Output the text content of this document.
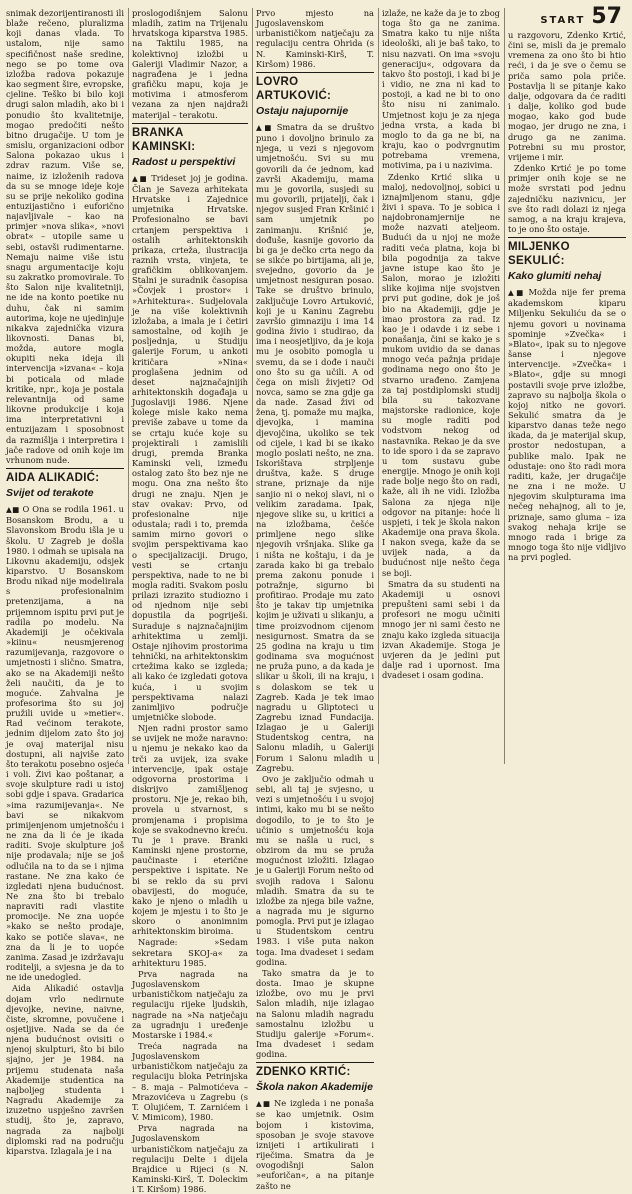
START 57

snimak dezorijentiranosti ili blaže rečeno, pluralizma koji danas vlada. To ustalom, nije samo specifičnost naše sredine, nego se po tome ova izložba radova pokazuje kao segment šire, evropske, cjeline. Teško bi bilo koji drugi salon mladih, ako bi i ponudio što kvalitetnije, mogao predočiti nešto bitno drugačije. U tom je smislu, organizacioni odbor Salona pokazao ukus i zdrav razum. Više se, naime, iz izloženih radova da su se mnoge ideje koje su se prije nekoliko godina entuzijastično i euforično najavljivale – kao na primjer »nova slika«, »novi obrat« – utopile same u sebi, ostavši rudimentarne. Nemaju naime više istu snagu argumentacije koju su zakratko promovirale. To što Salon nije kvalitetniji, ne ide na konto poetike nu duhu, čak ni samim autorima, koje ne ujedinjuje nikakva zajednička vizura likovnosti. Danas bi, možda, autore mogla okupiti neka ideja ili intervencija »izvana« – koja bi poticala od mlade kritike, npr., koja je postala relevantnija od same likovne produkcije i koja ima interpretativni i entuzijazam i sposobnost da razmišlja i interpretira i jače radove od onih koje im vrhunom nude.

AIDA ALIKADIĆ:
Svijet od terakote

▲■ O Ona se rodila 1961. u Bosanskom Brodu, a u Slavonskom Brodu išla je u školu. U Zagreb je došla 1980. i odmah se upisala na Likovnu akademiju, odsjek kiparstvo. U Bosanskom Brodu nikad nije modelirala s profesionalnim pretenzijama, a na prijemnom ispitu prvi put je radila po modelu. Na Akademiji je očekivala »kiinu« neusmjerenog razumijevanja, razgovore o umjetnosti i slično. Smatra, ako se na Akademiji nešto želi naučiti, da je to moguće. Zahvalna je profesorima što su joj pružili uvide u »metier«. Rad većinom terakote, jednim dijelom zato što joj je ovaj materijal nisu dostupni, ali najviše zato što terakotu posebno osjeća i voli. Živi kao poštanar, a svoje skulpture radi u istoj sobi gdje i spava. Gradarica »ima razumijevanja«. Ne bavi se nikakvom primijenjenom umjetnošću i ne zna da li će je ikada raditi. Svoje skulpture još nije prodavala; nije se još odlučila na to da se i njima rastane. Ne zna kako će izgledati njena budućnost. Ne zna što bi trebalo napraviti radi vlastite promocije. Ne zna uopće »kako se nešto prodaje, kako se potiče slava«, ne zna da li je to uopće zanima. Zasad je izdržavaju roditelji, a svjesna je da to ne ide unedogled.

Aida Alikadić ostavlja dojam vrlo nedirnute djevojke, nevine, naivne, čiste, skromne, povučene i osjetljive. Nada se da će njena budućnost ovisiti o njenoj skulpturi, što bi bilo sjajno, jer je 1984. na prijemu studenata naša Akademije studentica na najboljeg studenta i Nagradu Akademije za izuzetno uspješno završen studij, što je, zapravo, nagrada za najbolji diplomski rad na području kiparstva. Izlagala je i na

proslogodišnjem Salonu mladih, zatim na Trijenalu hrvatskoga kiparstva 1985. na Taktilu 1985, na kolektivnoj izložbi u Galeriji Vladimir Nazor, a nagrađena je i jedna grafičku mapu, koja je motivima i atmosferom vezana za njen najdraži materijal – terakotu.

BRANKA KAMINSKI:
Radost u perspektivi

▲■ Trideset joj je godina. Član je Saveza arhitekata Hrvatske i Zajednice umjetnika Hrvatske. Profesionalno se bavi crtanjem perspektiva i ostalih arhitektonskih prikaza, crteža, ilustracija raznih vrsta, vinjeta, te grafičkim oblikovanjem. Stalni je suradnik časopisa »Čovjek i prostor« i »Arhitektura«. Sudjelovala je na više kolektivnih izložaba, a imala je i četiri samostalne, od kojih je posljednja, u Studiju galerije Forum, u ankoti kritičara »Nina« proglašena jednim od deset najznačajnijih arhitektonskih događaja u Jugoslaviji 1986. Njene kolege misle kako nema previše zabave u tome da se crtaju kuće koje su projektirali i zamislili drugi, premda Branka Kaminski veli, između ostalog zato što bez nje ne mogu. Ona zna nešto što drugi ne znaju. Njen je stav ovakav: Prvo, od profesionalne nije odustala; radi i to, premda samim mirno govori o svojim perspektivama kao o specijalizaciji. Drugo, vesti se crtanju perspektiva, nade to ne bi mogla raditi. Svakom poslu prilazi izrazito studiozno i od njednom nije sebi dopustila da pogriješi. Suraduje s najznačajnijim arhitektima u zemlji. Ostaje njihovim prostorima tehnički, na arhitektonskim crtežima kako se izgleda; ali kako će izgledati gotova kuća, i u svojim perspektivama nalazi zanimljivo područje umjetničke slobode.

Njen radni prostor samo se uvijek ne može naravno: u njemu je nekako kao da trči za uvijek, iza svake intervencije, ipak ostaje odgovorna prostorima i diskrijvo zamišljenog prostoru. Nje je, rekao bih, provela u stvarnost, s promjenama i propisima koje se svakodnevno kreću. Tu je i prave. Branki Kaminski njene prostorne, paučinaste i eterične perspektive i ispitate. Ne bi se reklo da su prvi obavijesti, do moguće, kako je njeno o mladih u kojem je mjestu i to što je skoro o anonimnim arhitektonskim biroima.

Nagrade: »Sedam sekretara SKOJ-a« za arhitekturu 1985.

Prva nagrada na Jugoslavenskom urbanističkom natječaju za regulaciju rijeke ljudskih, nagrade na »Na natječaju za ugradnju i uređenje Mostarske i 1984.«

Treća nagrada na Jugoslavenskom urbanističkom natječaju za regulaciju bloka Petrinjska – 8. maja – Palmotićeva – Mrazovićeva u Zagrebu (s T. Olujićem, T. Zarnićem i V. Mimicom), 1980.

Prva nagrada na Jugoslavenskom urbanističkom natječaju za regulaciju Delte i dijela Brajdice u Rijeci (s N. Kaminski-Kirš, T. Doleckim i T. Kiršom) 1986.

Prvo mjesto na Jugoslavenskom urbanističkom natječaju za regulaciju centra Ohrida (s N. Kaminski-Kirš, T. Kiršom) 1986.

LOVRO ARTUKOVIĆ:
Ostaju najupornije

▲■ Smatra da se društvo puno i dovoljno brinulo za njega, u vezi s njegovom umjetnošću. Svi su mu govorili da će jednom, kad završi Akademiju, mama mu je govorila, susjedi su mu govorili, prijatelji, čak i njegov susjed Fran Kršinić i sam umjetnik po zanimanju. Krišnić je, dođuše, kasnije govorio da bi ga je dečko crta nego da se sikće po birtijama, ali je, svejedno, govorio da je umjetnost nesiguran posao. Take se društvo brinulo, zaključuje Lovro Artuković, koji je u Kaninu Zagrebu završio gimnaziju i ima 14 godina živio i studirao, da ima i neosjetljivo, da je koja mu je osobito pomogla u svemu, da se i dođe i nauči ono što su ga učili. A od čega on misli živjeti? Od novca, samo se zna gdje ga da nade. Zasad živi od žena, tj. pomaže mu majka, djevojka, i mamina djevojčina, ukoliko se tek od cijele, i kad bi se ikako moglo poslati nešto, ne zna. Iskorištava strpljenje društva, kaže. S druge strane, priznaje da nije sanjio ni o nekoj slavi, ni o velikim zaradama. Ipak, njegove slike su, u kritici a na izložbama, češće primljene nego slike njegovih vršnjaka. Slike ga i ništa ne koštaju, i da je zarada kako bi ga trebalo prema zakonu ponude i potražnje, sigurno bi profitirao. Prodaje mu zato što je takav tip umjetnika kojim je uživati u slikanju, a time proizvodnom cijenom nesigurnost. Smatra da se 25 godina na kraju u tim godinama sva mogućnost ne pruža puno, a da kada je slikar u školi, ili na kraju, i s dolaskom se tek u Zagreb. Kada je tek imao nagradu u Gliptoteci u Zagrebu iznad Fundacija. Izlagao je u Galeriji Studentskog centra, na Salonu mladih, u Galeriji Forum i Salonu mladih u Zagrebu.

Ovo je zaključio odmah u sebi, ali taj je svjesno, u vezi s umjetnošću i u svojoj intimi, kako mu bi se nešto dogodilo, to je to što je učinio s umjetnošću koja mu se našla u ruci, s obzirom da mu se pruža mogućnost izložiti. Izlagao je u Galeriji Forum nešto od svojih radova i Salonu mladih. Smatra da su te izložbe za njega bile važne, a nagrada mu je sigurno pomogla. Prvi put je izlagao u Studentskom centru 1983. i više puta nakon toga. Ima dvadeset i sedam godina.

Tako smatra da je to dosta. Imao je skupne izložbe, ovo mu je prvi Salon mladih, nije izlagao na Salonu mladih nagradu samostalnu izložbu u Studiju galerije »Forum«. Ima dvadeset i sedam godina.

ZDENKO KRTIĆ:
Škola nakon Akademije

▲■ Ne izgleda i ne ponaša se kao umjetnik. Osim bojom i kistovima, sposoban je svoje stavove iznijeti i artikulirati i riječima. Smatra da je ovogodišnji Salon »euforičan«, a na pitanje zašto ne

izlaže, ne kaže da je to zbog toga što ga ne zanima. Smatra kako tu nije ništa ideološki, ali je baš tako, to nisu nazvati. On ima »svoju generaciju«, odgovara da takvo što postoji, i kad bi je i vidio, ne zna ni kad to postoji, a kad ne bi to ono što nisu ni zanimalo. Umjetnost koju je za njega jedna vrsta, a kada bi moglo to da ga ne bi, na kraju, kao o podvrgnutim potrebama vremena, motivima, pa i u nazivima.

Zdenko Krtić slika u maloj, nedovoljnoj, sobici u iznajmljenom stanu, gdje živi i spava. To je sobica i najdobronamjernije ne može nazvati ateljeom. Budući da u njoj ne može raditi veća platna, koja bi bila pogodnija za takve javne istupe kao što je Salon, morao je izložiti slike kojima nije svojstven prvi put godine, dok je još bio na Akademiji, gdje je imao prostora za rad. Iz kao je i odavde i iz sebe i ponašanja, čini se kako je s mukom uvidio da se danas mnogo veća pažnja pridaje godinama nego ono što je stvarno urađeno. Zamjena za taj postdiplomski studij bila su takozvane majstorske radionice, koje su mogle raditi pod vodstvom nekog od nastavnika. Rekao je da sve to ide sporo i da se zapravo u tom sustavu gube energije. Mnogo je onih koji rade bolje nego što on radi, kaže, ali ih ne vidi. Izložba Salona za njega nije odgovor na pitanje: hoće li uspjeti, i tek je škola nakon Akademije ona prava škola. I nakon svega, kaže da se uvijek nada, a da budućnost nije nešto čega se boji.

Smatra da su studenti na Akademiji u osnovi prepušteni sami sebi i da profesori ne mogu učiniti mnogo jer ni sami često ne znaju kako izgleda situacija izvan Akademije. Stoga je uvjeren da je jedini put dalje rad i upornost. Ima dvadeset i osam godina.

u razgovoru, Zdenko Krtić, čini se, misli da je premalo vremena za ono što bi htio reći, i da je sve o čemu se priča samo pola priče. Postavlja li se pitanje kako dalje, odgovara da će raditi i dalje, koliko god bude mogao, kako god bude mogao, jer drugo ne zna, i drugo ga ne zanima. Potrebni su mu prostor, vrijeme i mir.

Zdenko Krtić je po tome primjer onih koje se ne može svrstati pod jednu zajedničku nazivnicu, jer sve što radi dolazi iz njega samog, a na kraju krajeva, to je ono što ostaje.

MILJENKO SEKULIĆ:
Kako glumiti nehaj

▲■ Možda nije fer prema akademskom kiparu Miljenku Sekuliću da se o njemu govori u novinama spominje »Zvečka« i »Blato«, ipak su to njegove šanse i njegove intervencije. »Zvečka« i »Blato«, gdje su mnogi postavili svoje prve izložbe, zapravo su najbolja škola o kojoj nitko ne govori. Sekulić smatra da je kiparstvo danas teže nego ikada, da je materijal skup, prostor nedostupan, a publike malo. Ipak ne odustaje: ono što radi mora raditi, kaže, jer drugačije ne zna i ne može. U njegovim skulpturama ima nečeg nehajnog, ali to je, priznaje, samo gluma – iza svakog nehaja krije se mnogo rada i brige za mnogo toga što nije vidljivo na prvi pogled.
